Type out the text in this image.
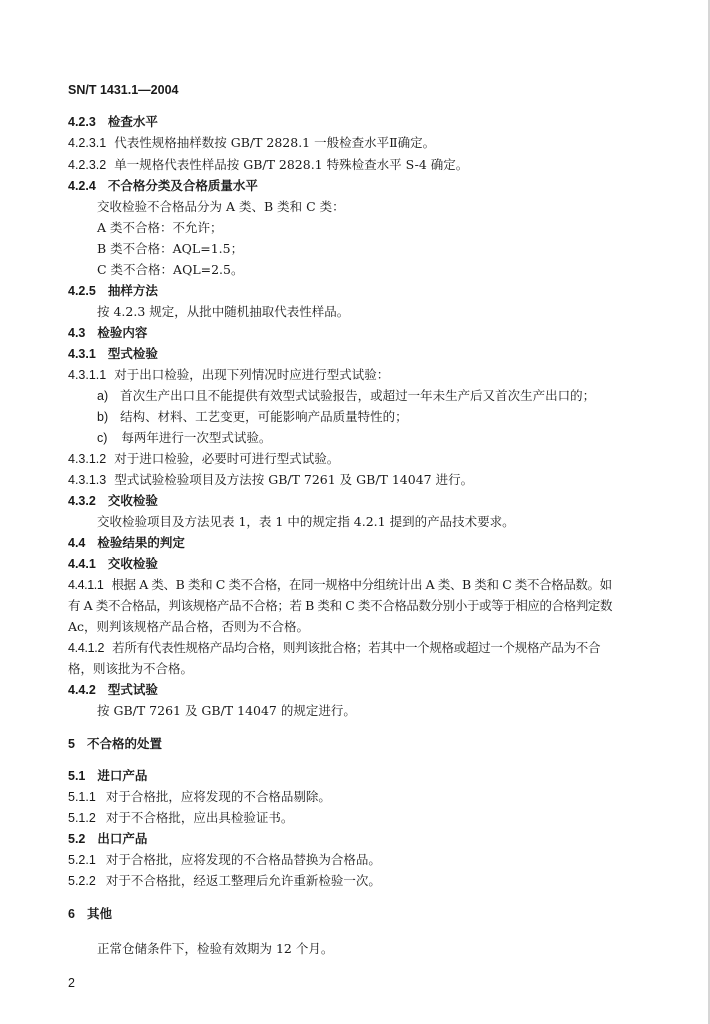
SN/T 1431.1—2004
4.2.3 检查水平
4.2.3.1 代表性规格抽样数按 GB/T 2828.1 一般检查水平Ⅱ确定。
4.2.3.2 单一规格代表性样品按 GB/T 2828.1 特殊检查水平 S-4 确定。
4.2.4 不合格分类及合格质量水平
交收检验不合格品分为 A 类、B 类和 C 类：
A 类不合格：不允许；
B 类不合格：AQL=1.5；
C 类不合格：AQL=2.5。
4.2.5 抽样方法
按 4.2.3 规定，从批中随机抽取代表性样品。
4.3 检验内容
4.3.1 型式检验
4.3.1.1 对于出口检验，出现下列情况时应进行型式试验：
a) 首次生产出口且不能提供有效型式试验报告，或超过一年未生产后又首次生产出口的；
b) 结构、材料、工艺变更，可能影响产品质量特性的；
c) 每两年进行一次型式试验。
4.3.1.2 对于进口检验，必要时可进行型式试验。
4.3.1.3 型式试验检验项目及方法按 GB/T 7261 及 GB/T 14047 进行。
4.3.2 交收检验
交收检验项目及方法见表 1，表 1 中的规定指 4.2.1 提到的产品技术要求。
4.4 检验结果的判定
4.4.1 交收检验
4.4.1.1 根据 A 类、B 类和 C 类不合格，在同一规格中分组统计出 A 类、B 类和 C 类不合格品数。如
有 A 类不合格品，判该规格产品不合格；若 B 类和 C 类不合格品数分别小于或等于相应的合格判定数
Ac，则判该规格产品合格，否则为不合格。
4.4.1.2 若所有代表性规格产品均合格，则判该批合格；若其中一个规格或超过一个规格产品为不合
格，则该批为不合格。
4.4.2 型式试验
按 GB/T 7261 及 GB/T 14047 的规定进行。
5 不合格的处置
5.1 进口产品
5.1.1 对于合格批，应将发现的不合格品剔除。
5.1.2 对于不合格批，应出具检验证书。
5.2 出口产品
5.2.1 对于合格批，应将发现的不合格品替换为合格品。
5.2.2 对于不合格批，经返工整理后允许重新检验一次。
6 其他
正常仓储条件下，检验有效期为 12 个月。
2
